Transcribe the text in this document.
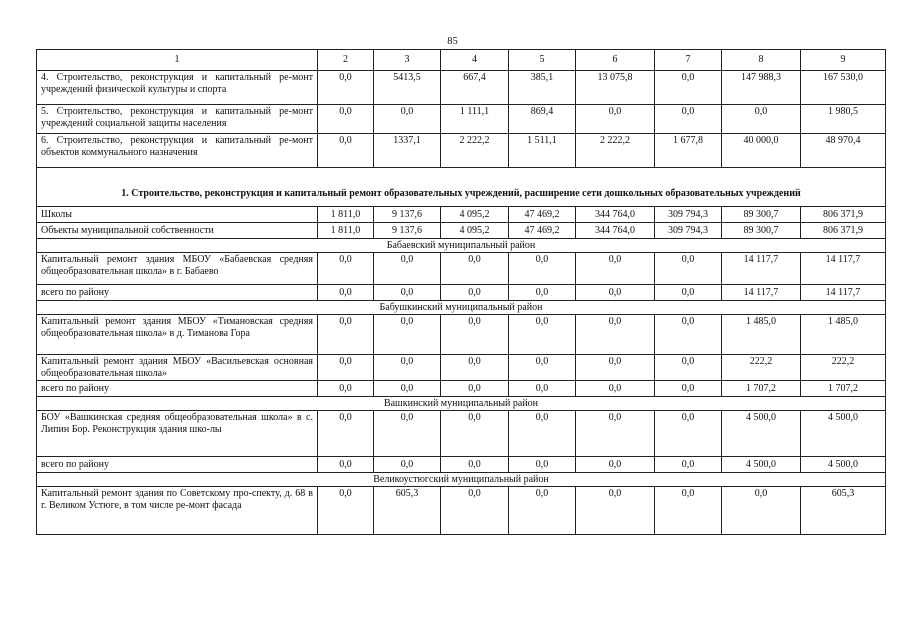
85
1	2	3	4	5	6	7	8	9
4. Строительство, реконструкция и капитальный ре-монт учреждений физической культуры и спорта	0,0	5413,5	667,4	385,1	13 075,8	0,0	147 988,3	167 530,0
5. Строительство, реконструкция и капитальный ре-монт учреждений социальной защиты населения	0,0	0,0	1 111,1	869,4	0,0	0,0	0,0	1 980,5
6. Строительство, реконструкция и капитальный ре-монт объектов коммунального назначения	0,0	1337,1	2 222,2	1 511,1	2 222,2	1 677,8	40 000,0	48 970,4
1. Строительство, реконструкция и капитальный ремонт образовательных учреждений, расширение сети дошкольных образовательных учреждений								
Школы	1 811,0	9 137,6	4 095,2	47 469,2	344 764,0	309 794,3	89 300,7	806 371,9
Объекты муниципальной собственности	1 811,0	9 137,6	4 095,2	47 469,2	344 764,0	309 794,3	89 300,7	806 371,9
Бабаевский муниципальный район								
Капитальный ремонт здания МБОУ «Бабаевская средняя общеобразовательная школа» в г. Бабаево	0,0	0,0	0,0	0,0	0,0	0,0	14 117,7	14 117,7
всего по району	0,0	0,0	0,0	0,0	0,0	0,0	14 117,7	14 117,7
Бабушкинский муниципальный район								
Капитальный ремонт здания МБОУ «Тимановская средняя общеобразовательная школа» в д. Тиманова Гора	0,0	0,0	0,0	0,0	0,0	0,0	1 485,0	1 485,0
Капитальный ремонт здания МБОУ «Васильевская основная общеобразовательная школа»	0,0	0,0	0,0	0,0	0,0	0,0	222,2	222,2
всего по району	0,0	0,0	0,0	0,0	0,0	0,0	1 707,2	1 707,2
Вашкинский муниципальный район								
БОУ «Вашкинская средняя общеобразовательная школа» в с. Липин Бор. Реконструкция здания шко-лы	0,0	0,0	0,0	0,0	0,0	0,0	4 500,0	4 500,0
всего по району	0,0	0,0	0,0	0,0	0,0	0,0	4 500,0	4 500,0
Великоустюгский муниципальный район								
Капитальный ремонт здания по Советскому про-спекту, д. 68 в г. Великом Устюге, в том числе ре-монт фасада	0,0	605,3	0,0	0,0	0,0	0,0	0,0	605,3
